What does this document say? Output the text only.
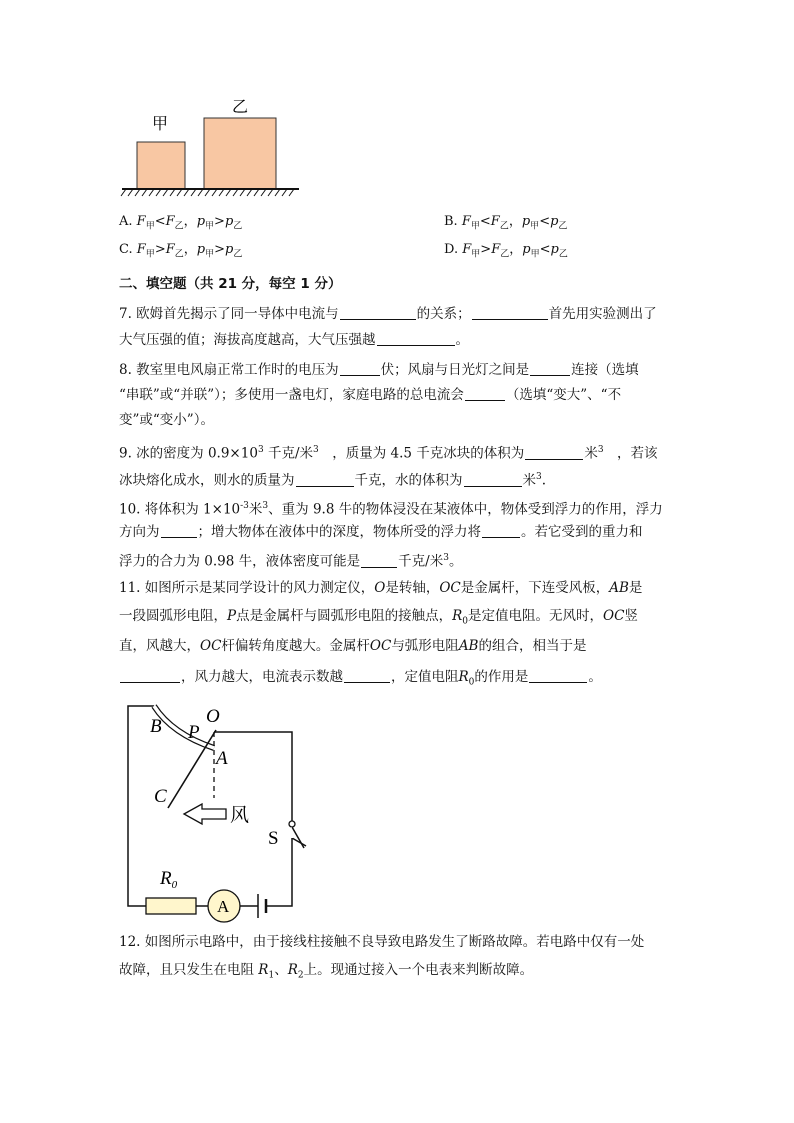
甲
乙
A. $F_甲<F_乙$，$p_甲>p_乙$	B. $F_甲<F_乙$，$p_甲<p_乙$
C. $F_甲>F_乙$，$p_甲>p_乙$	D. $F_甲>F_乙$，$p_甲<p_乙$
二、填空题（共 21 分，每空 1 分）
7. 欧姆首先揭示了同一导体中电流与	的关系；	首先用实验测出了
大气压强的值；海拔高度越高，大气压强越	。
8. 教室里电风扇正常工作时的电压为	伏；风扇与日光灯之间是	连接（选填
“串联”或“并联”）；多使用一盏电灯，家庭电路的总电流会	（选填“变大”、“不
变”或“变小”）。
9. 冰的密度为 $0.9\times 10^3$ 千克/米$^3$　 ，质量为 4.5 千克冰块的体积为	米$^3$　 ，若该
冰块熔化成水，则水的质量为	千克，水的体积为	米$^3$.
10. 将体积为 $1\times 10^{-3}$米$^3$、重为 9.8 牛的物体浸没在某液体中，物体受到浮力的作用，浮力
方向为	；增大物体在液体中的深度，物体所受的浮力将	。若它受到的重力和
浮力的合力为 0.98 牛，液体密度可能是	千克/米$^3$。
11. 如图所示是某同学设计的风力测定仪，O是转轴，OC是金属杆，下连受风板，AB是
一段圆弧形电阻，P点是金属杆与圆弧形电阻的接触点，$R_0$是定值电阻。无风时，OC竖
直，风越大，OC杆偏转角度越大。金属杆OC与弧形电阻AB的组合，相当于是
，风力越大，电流表示数越	，定值电阻$R_0$的作用是	。
B O
P
A
C
风
S
$R_0$
A
12. 如图所示电路中，由于接线柱接触不良导致电路发生了断路故障。若电路中仅有一处
故障，且只发生在电阻 $R_1$、$R_2$上。现通过接入一个电表来判断故障。
